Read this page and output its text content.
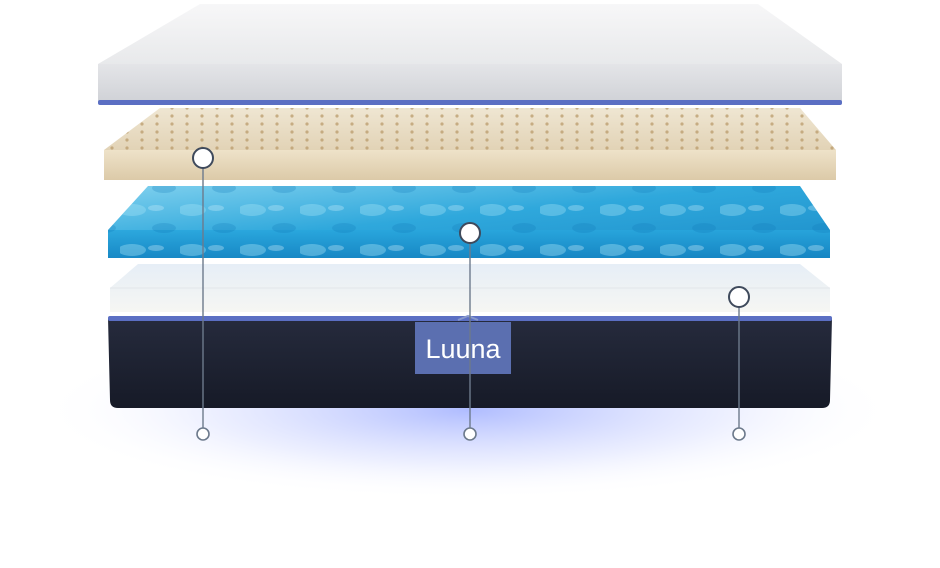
Luuna
